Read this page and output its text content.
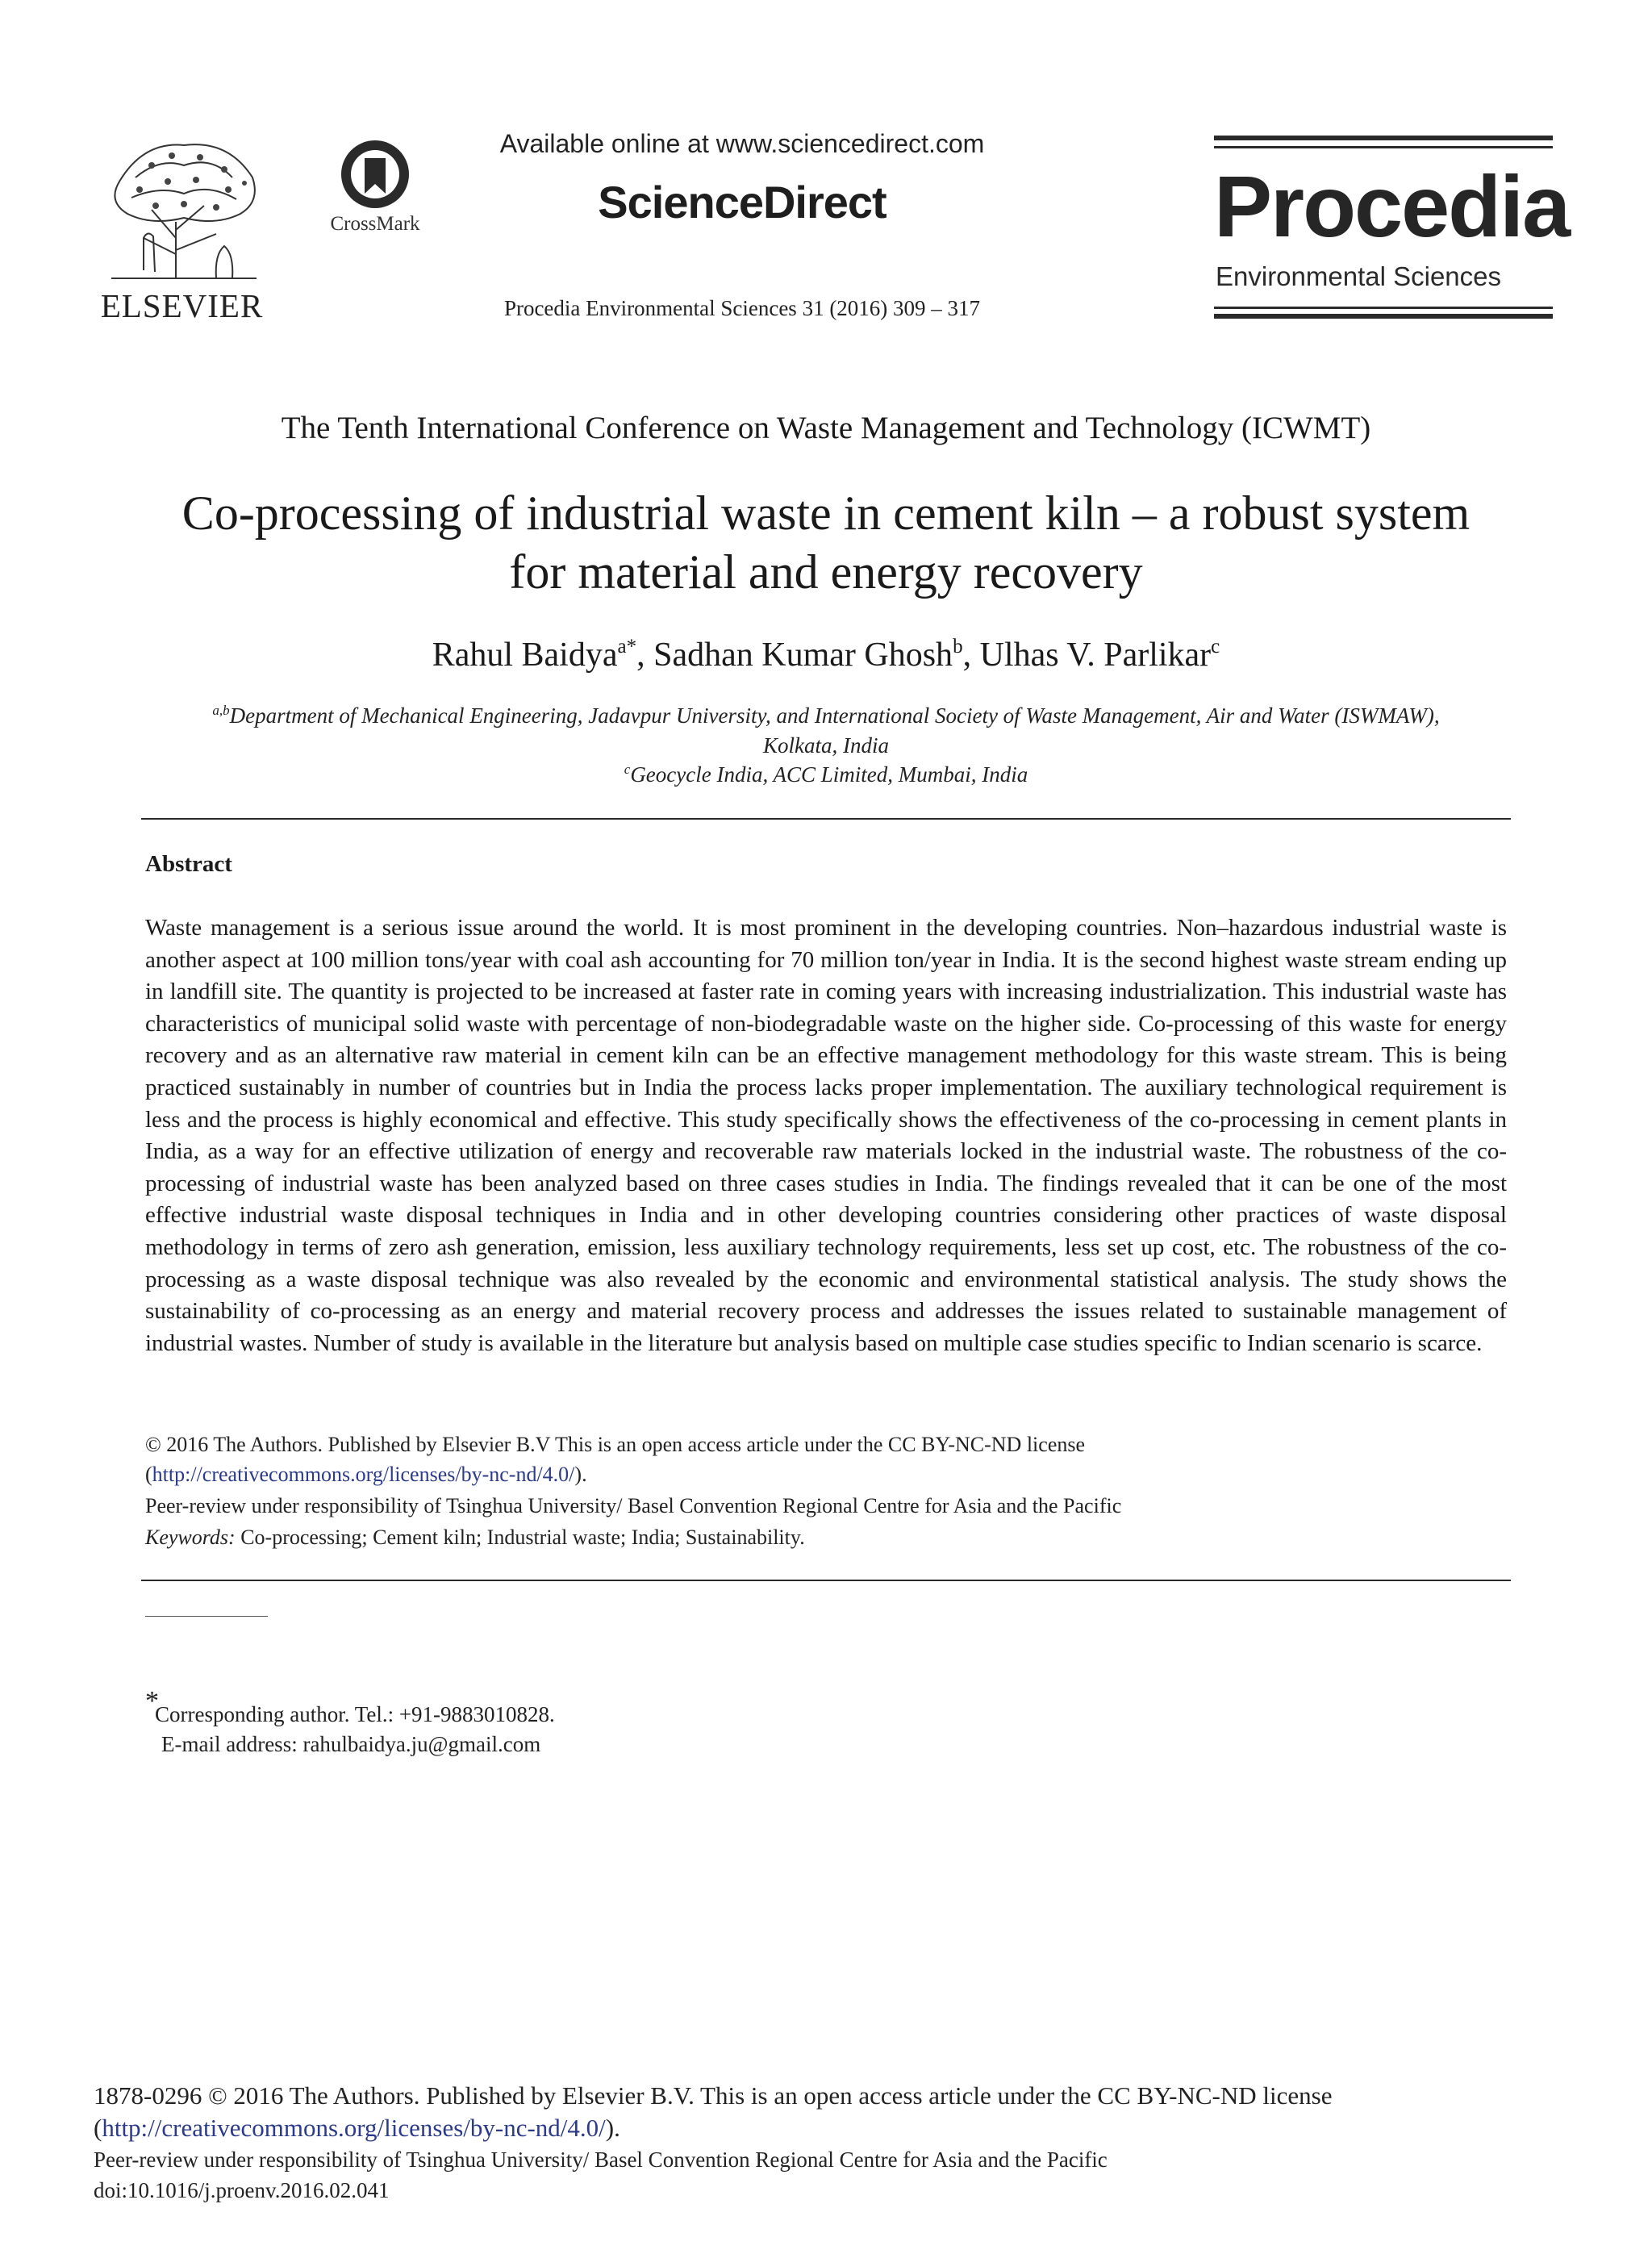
ELSEVIER
CrossMark
Available online at www.sciencedirect.com
ScienceDirect
Procedia Environmental Sciences 31 (2016) 309 – 317
Procedia
Environmental Sciences
The Tenth International Conference on Waste Management and Technology (ICWMT)
Co-processing of industrial waste in cement kiln – a robust system
for material and energy recovery
Rahul Baidya$^{a*}$, Sadhan Kumar Ghosh$^b$, Ulhas V. Parlikar$^c$
$^{a,b}$Department of Mechanical Engineering, Jadavpur University, and International Society of Waste Management, Air and Water (ISWMAW),
Kolkata, India
$^c$Geocycle India, ACC Limited, Mumbai, India
Abstract
Waste management is a serious issue around the world. It is most prominent in the developing countries. Non–hazardous industrial waste is another aspect at 100 million tons/year with coal ash accounting for 70 million ton/year in India. It is the second highest waste stream ending up in landfill site. The quantity is projected to be increased at faster rate in coming years with increasing industrialization. This industrial waste has characteristics of municipal solid waste with percentage of non-biodegradable waste on the higher side. Co-processing of this waste for energy recovery and as an alternative raw material in cement kiln can be an effective management methodology for this waste stream. This is being practiced sustainably in number of countries but in India the process lacks proper implementation. The auxiliary technological requirement is less and the process is highly economical and effective. This study specifically shows the effectiveness of the co-processing in cement plants in India, as a way for an effective utilization of energy and recoverable raw materials locked in the industrial waste. The robustness of the co-processing of industrial waste has been analyzed based on three cases studies in India. The findings revealed that it can be one of the most effective industrial waste disposal techniques in India and in other developing countries considering other practices of waste disposal methodology in terms of zero ash generation, emission, less auxiliary technology requirements, less set up cost, etc. The robustness of the co-processing as a waste disposal technique was also revealed by the economic and environmental statistical analysis. The study shows the sustainability of co-processing as an energy and material recovery process and addresses the issues related to sustainable management of industrial wastes. Number of study is available in the literature but analysis based on multiple case studies specific to Indian scenario is scarce.
© 2016 The Authors. Published by Elsevier B.V This is an open access article under the CC BY-NC-ND license
(http://creativecommons.org/licenses/by-nc-nd/4.0/).
Peer-review under responsibility of Tsinghua University/ Basel Convention Regional Centre for Asia and the Pacific
Keywords: Co-processing; Cement kiln; Industrial waste; India; Sustainability.
*
Corresponding author. Tel.: +91-9883010828.
E-mail address: rahulbaidya.ju@gmail.com
1878-0296 © 2016 The Authors. Published by Elsevier B.V. This is an open access article under the CC BY-NC-ND license
(http://creativecommons.org/licenses/by-nc-nd/4.0/).
Peer-review under responsibility of Tsinghua University/ Basel Convention Regional Centre for Asia and the Pacific
doi:10.1016/j.proenv.2016.02.041
